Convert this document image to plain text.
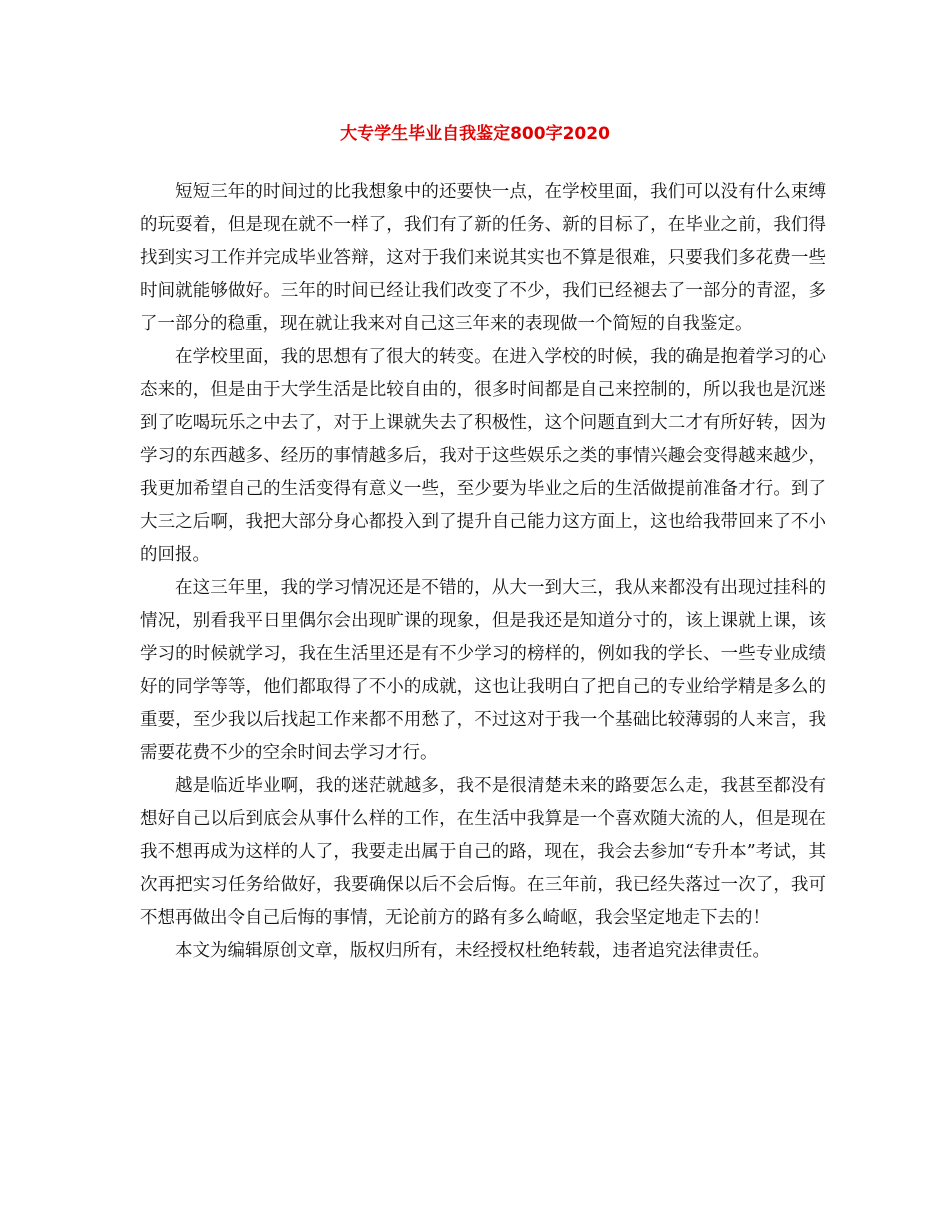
大专学生毕业自我鉴定800字2020

短短三年的时间过的比我想象中的还要快一点，在学校里面，我们可以没有什么束缚的玩耍着，但是现在就不一样了，我们有了新的任务、新的目标了，在毕业之前，我们得找到实习工作并完成毕业答辩，这对于我们来说其实也不算是很难，只要我们多花费一些时间就能够做好。三年的时间已经让我们改变了不少，我们已经褪去了一部分的青涩，多了一部分的稳重，现在就让我来对自己这三年来的表现做一个简短的自我鉴定。

在学校里面，我的思想有了很大的转变。在进入学校的时候，我的确是抱着学习的心态来的，但是由于大学生活是比较自由的，很多时间都是自己来控制的，所以我也是沉迷到了吃喝玩乐之中去了，对于上课就失去了积极性，这个问题直到大二才有所好转，因为学习的东西越多、经历的事情越多后，我对于这些娱乐之类的事情兴趣会变得越来越少，我更加希望自己的生活变得有意义一些，至少要为毕业之后的生活做提前准备才行。到了大三之后啊，我把大部分身心都投入到了提升自己能力这方面上，这也给我带回来了不小的回报。

在这三年里，我的学习情况还是不错的，从大一到大三，我从来都没有出现过挂科的情况，别看我平日里偶尔会出现旷课的现象，但是我还是知道分寸的，该上课就上课，该学习的时候就学习，我在生活里还是有不少学习的榜样的，例如我的学长、一些专业成绩好的同学等等，他们都取得了不小的成就，这也让我明白了把自己的专业给学精是多么的重要，至少我以后找起工作来都不用愁了，不过这对于我一个基础比较薄弱的人来言，我需要花费不少的空余时间去学习才行。

越是临近毕业啊，我的迷茫就越多，我不是很清楚未来的路要怎么走，我甚至都没有想好自己以后到底会从事什么样的工作，在生活中我算是一个喜欢随大流的人，但是现在我不想再成为这样的人了，我要走出属于自己的路，现在，我会去参加“专升本”考试，其次再把实习任务给做好，我要确保以后不会后悔。在三年前，我已经失落过一次了，我可不想再做出令自己后悔的事情，无论前方的路有多么崎岖，我会坚定地走下去的！

本文为编辑原创文章，版权归所有，未经授权杜绝转载，违者追究法律责任。
